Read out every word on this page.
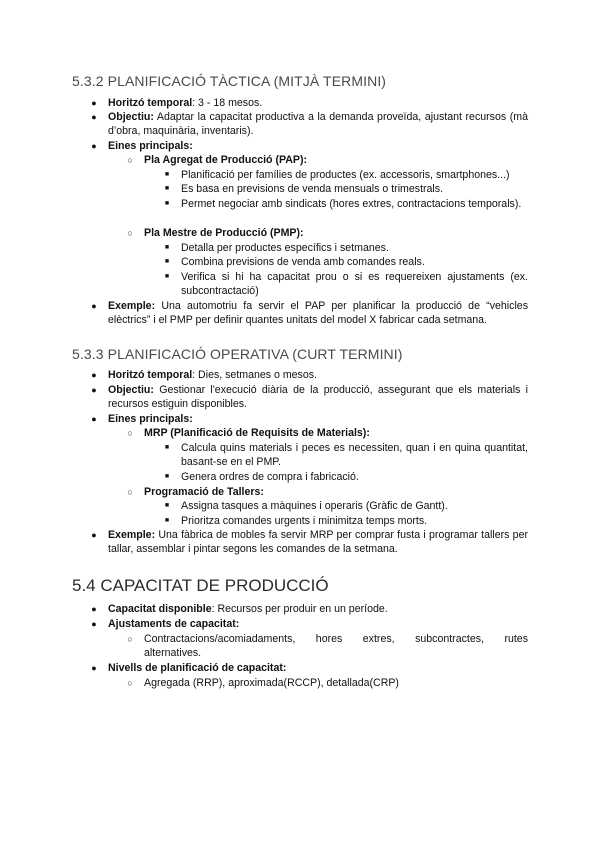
5.3.2 PLANIFICACIÓ TÀCTICA (MITJÀ TERMINI)
●	Horitzó temporal: 3 - 18 mesos.
●	Objectiu: Adaptar la capacitat productiva a la demanda proveïda, ajustant recursos (mà d’obra, maquinària, inventaris).
●	Eines principals:
○	Pla Agregat de Producció (PAP):
■	Planificació per famílies de productes (ex. accessoris, smartphones...)
■	Es basa en previsions de venda mensuals o trimestrals.
■	Permet negociar amb sindicats (hores extres, contractacions temporals).
○	Pla Mestre de Producció (PMP):
■	Detalla per productes específics i setmanes.
■	Combina previsions de venda amb comandes reals.
■	Verifica si hi ha capacitat prou o si es requereixen ajustaments (ex. subcontractació)
●	Exemple: Una automotriu fa servir el PAP per planificar la producció de “vehicles elèctrics” i el PMP per definir quantes unitats del model X fabricar cada setmana.
5.3.3 PLANIFICACIÓ OPERATIVA (CURT TERMINI)
●	Horitzó temporal: Dies, setmanes o mesos.
●	Objectiu: Gestionar l'execució diària de la producció, assegurant que els materials i recursos estiguin disponibles.
●	Eines principals:
○	MRP (Planificació de Requisits de Materials):
■	Calcula quins materials i peces es necessiten, quan i en quina quantitat, basant-se en el PMP.
■	Genera ordres de compra i fabricació.
○	Programació de Tallers:
■	Assigna tasques a màquines i operaris (Gràfic de Gantt).
■	Prioritza comandes urgents i minimitza temps morts.
●	Exemple: Una fàbrica de mobles fa servir MRP per comprar fusta i programar tallers per tallar, assemblar i pintar segons les comandes de la setmana.
5.4 CAPACITAT DE PRODUCCIÓ
●	Capacitat disponible: Recursos per produir en un període.
●	Ajustaments de capacitat:
○	Contractacions/acomiadaments, hores extres, subcontractes, rutes alternatives.
●	Nivells de planificació de capacitat:
○	Agregada (RRP), aproximada(RCCP), detallada(CRP)
